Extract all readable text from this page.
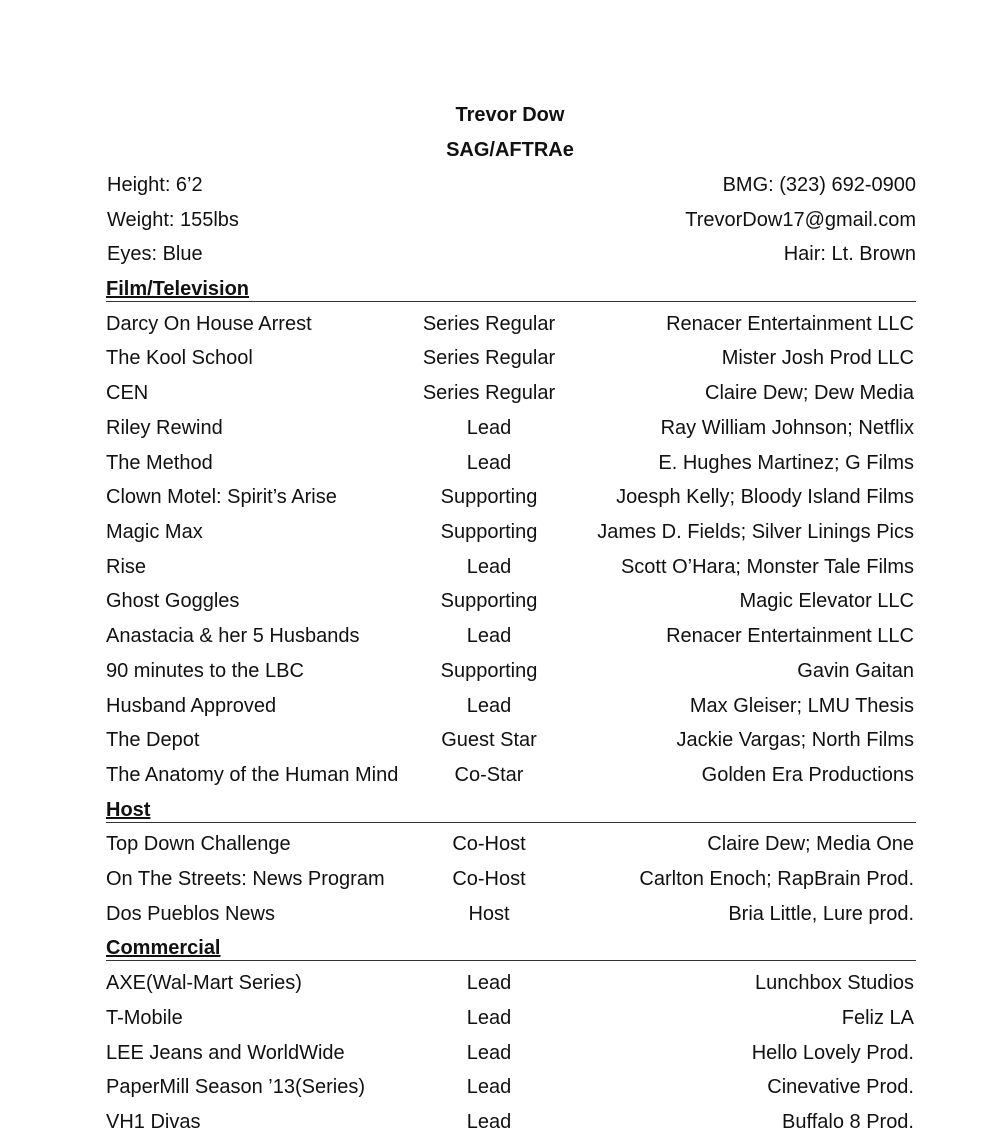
Trevor Dow
SAG/AFTRAe
Height: 6’2	BMG: (323) 692-0900
Weight: 155lbs	TrevorDow17@gmail.com
Eyes: Blue	Hair: Lt. Brown
Film/Television
Darcy On House Arrest	Series Regular	Renacer Entertainment LLC
The Kool School	Series Regular	Mister Josh Prod LLC
CEN	Series Regular	Claire Dew; Dew Media
Riley Rewind	Lead	Ray William Johnson; Netflix
The Method	Lead	E. Hughes Martinez; G Films
Clown Motel: Spirit’s Arise	Supporting	Joesph Kelly; Bloody Island Films
Magic Max	Supporting	James D. Fields; Silver Linings Pics
Rise	Lead	Scott O’Hara; Monster Tale Films
Ghost Goggles	Supporting	Magic Elevator LLC
Anastacia & her 5 Husbands	Lead	Renacer Entertainment LLC
90 minutes to the LBC	Supporting	Gavin Gaitan
Husband Approved	Lead	Max Gleiser; LMU Thesis
The Depot	Guest Star	Jackie Vargas; North Films
The Anatomy of the Human Mind	Co-Star	Golden Era Productions
Host
Top Down Challenge	Co-Host	Claire Dew; Media One
On The Streets: News Program	Co-Host	Carlton Enoch; RapBrain Prod.
Dos Pueblos News	Host	Bria Little, Lure prod.
Commercial
AXE(Wal-Mart Series)	Lead	Lunchbox Studios
T-Mobile	Lead	Feliz LA
LEE Jeans and WorldWide	Lead	Hello Lovely Prod.
PaperMill Season ’13(Series)	Lead	Cinevative Prod.
VH1 Divas	Lead	Buffalo 8 Prod.
